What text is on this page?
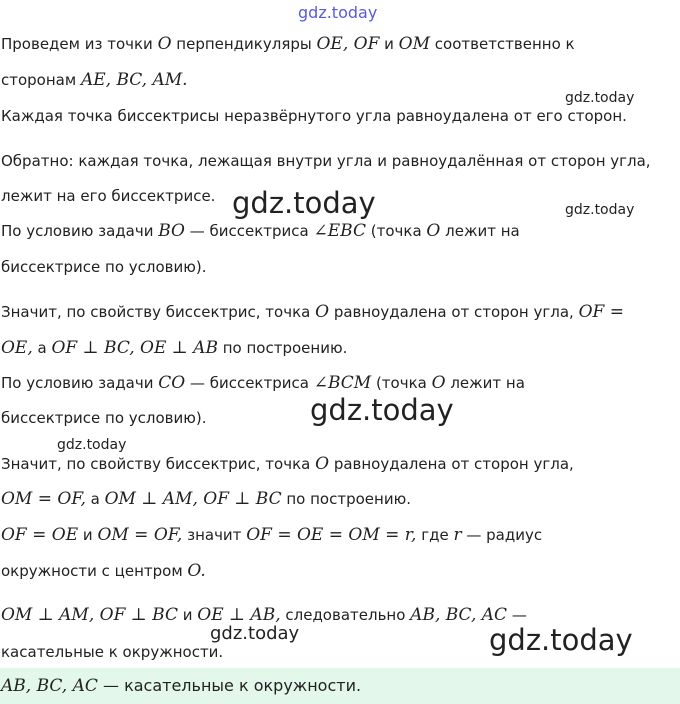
gdz.today
gdz.today
gdz.today	gdz.today
gdz.today
gdz.today
gdz.today	gdz.today
Проведем из точки O перпендикуляры OE, OF и OM соответственно к
сторонам AE, BC, AM.
Каждая точка биссектрисы неразвёрнутого угла равноудалена от его сторон.
Обратно: каждая точка, лежащая внутри угла и равноудалённая от сторон угла,
лежит на его биссектрисе.
По условию задачи BO — биссектриса ∠EBC (точка O лежит на
биссектрисе по условию).
Значит, по свойству биссектрис, точка O равноудалена от сторон угла, OF =
OE, а OF ⊥ BC, OE ⊥ AB по построению.
По условию задачи CO — биссектриса ∠BCM (точка O лежит на
биссектрисе по условию).
Значит, по свойству биссектрис, точка O равноудалена от сторон угла,
OM = OF, а OM ⊥ AM, OF ⊥ BC по построению.
OF = OE и OM = OF, значит OF = OE = OM = r, где r — радиус
окружности с центром O.
OM ⊥ AM, OF ⊥ BC и OE ⊥ AB, следовательно AB, BC, AC —
касательные к окружности.
AB, BC, AC — касательные к окружности.
